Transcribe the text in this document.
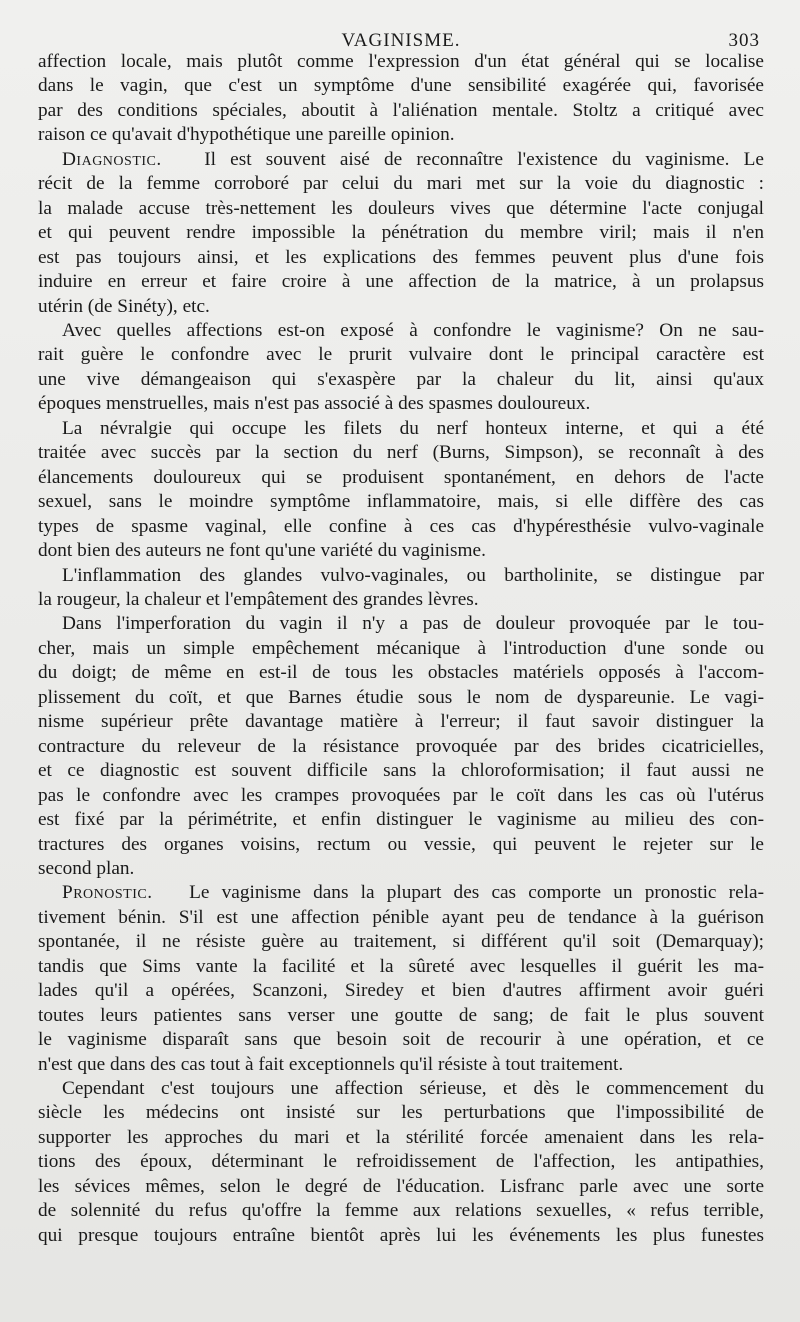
VAGINISME.	303
affection locale, mais plutôt comme l'expression d'un état général qui se localise
dans le vagin, que c'est un symptôme d'une sensibilité exagérée qui, favorisée
par des conditions spéciales, aboutit à l'aliénation mentale. Stoltz a critiqué avec
raison ce qu'avait d'hypothétique une pareille opinion.
Diagnostic. Il est souvent aisé de reconnaître l'existence du vaginisme. Le
récit de la femme corroboré par celui du mari met sur la voie du diagnostic :
la malade accuse très-nettement les douleurs vives que détermine l'acte conjugal
et qui peuvent rendre impossible la pénétration du membre viril; mais il n'en
est pas toujours ainsi, et les explications des femmes peuvent plus d'une fois
induire en erreur et faire croire à une affection de la matrice, à un prolapsus
utérin (de Sinéty), etc.
Avec quelles affections est-on exposé à confondre le vaginisme? On ne sau-
rait guère le confondre avec le prurit vulvaire dont le principal caractère est
une vive démangeaison qui s'exaspère par la chaleur du lit, ainsi qu'aux
époques menstruelles, mais n'est pas associé à des spasmes douloureux.
La névralgie qui occupe les filets du nerf honteux interne, et qui a été
traitée avec succès par la section du nerf (Burns, Simpson), se reconnaît à des
élancements douloureux qui se produisent spontanément, en dehors de l'acte
sexuel, sans le moindre symptôme inflammatoire, mais, si elle diffère des cas
types de spasme vaginal, elle confine à ces cas d'hypéresthésie vulvo-vaginale
dont bien des auteurs ne font qu'une variété du vaginisme.
L'inflammation des glandes vulvo-vaginales, ou bartholinite, se distingue par
la rougeur, la chaleur et l'empâtement des grandes lèvres.
Dans l'imperforation du vagin il n'y a pas de douleur provoquée par le tou-
cher, mais un simple empêchement mécanique à l'introduction d'une sonde ou
du doigt; de même en est-il de tous les obstacles matériels opposés à l'accom-
plissement du coït, et que Barnes étudie sous le nom de dyspareunie. Le vagi-
nisme supérieur prête davantage matière à l'erreur; il faut savoir distinguer la
contracture du releveur de la résistance provoquée par des brides cicatricielles,
et ce diagnostic est souvent difficile sans la chloroformisation; il faut aussi ne
pas le confondre avec les crampes provoquées par le coït dans les cas où l'utérus
est fixé par la périmétrite, et enfin distinguer le vaginisme au milieu des con-
tractures des organes voisins, rectum ou vessie, qui peuvent le rejeter sur le
second plan.
Pronostic. Le vaginisme dans la plupart des cas comporte un pronostic rela-
tivement bénin. S'il est une affection pénible ayant peu de tendance à la guérison
spontanée, il ne résiste guère au traitement, si différent qu'il soit (Demarquay);
tandis que Sims vante la facilité et la sûreté avec lesquelles il guérit les ma-
lades qu'il a opérées, Scanzoni, Siredey et bien d'autres affirment avoir guéri
toutes leurs patientes sans verser une goutte de sang; de fait le plus souvent
le vaginisme disparaît sans que besoin soit de recourir à une opération, et ce
n'est que dans des cas tout à fait exceptionnels qu'il résiste à tout traitement.
Cependant c'est toujours une affection sérieuse, et dès le commencement du
siècle les médecins ont insisté sur les perturbations que l'impossibilité de
supporter les approches du mari et la stérilité forcée amenaient dans les rela-
tions des époux, déterminant le refroidissement de l'affection, les antipathies,
les sévices mêmes, selon le degré de l'éducation. Lisfranc parle avec une sorte
de solennité du refus qu'offre la femme aux relations sexuelles, « refus terrible,
qui presque toujours entraîne bientôt après lui les événements les plus funestes
